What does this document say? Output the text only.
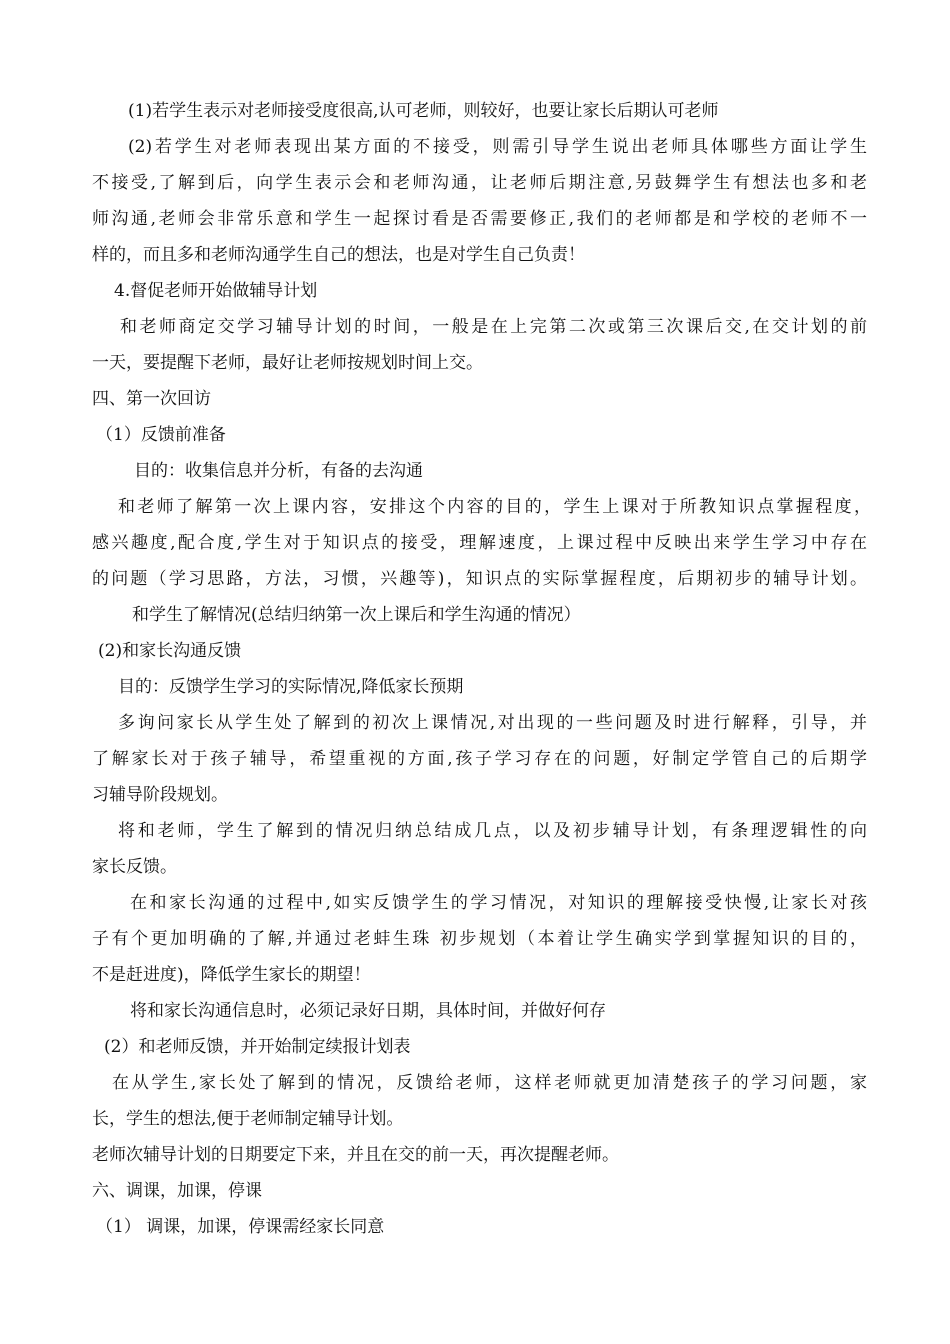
(1)若学生表示对老师接受度很高,认可老师，则较好，也要让家长后期认可老师
(2)若学生对老师表现出某方面的不接受，则需引导学生说出老师具体哪些方面让学生
不接受,了解到后，向学生表示会和老师沟通，让老师后期注意,另鼓舞学生有想法也多和老
师沟通,老师会非常乐意和学生一起探讨看是否需要修正,我们的老师都是和学校的老师不一
样的，而且多和老师沟通学生自己的想法，也是对学生自己负责！
4.督促老师开始做辅导计划
和老师商定交学习辅导计划的时间，一般是在上完第二次或第三次课后交,在交计划的前
一天，要提醒下老师，最好让老师按规划时间上交。
四、第一次回访
（1）反馈前准备
目的：收集信息并分析，有备的去沟通
和老师了解第一次上课内容，安排这个内容的目的，学生上课对于所教知识点掌握程度，
感兴趣度,配合度,学生对于知识点的接受，理解速度，上课过程中反映出来学生学习中存在
的问题（学习思路，方法，习惯，兴趣等)，知识点的实际掌握程度，后期初步的辅导计划。
和学生了解情况(总结归纳第一次上课后和学生沟通的情况）
(2)和家长沟通反馈
目的：反馈学生学习的实际情况,降低家长预期
多询问家长从学生处了解到的初次上课情况,对出现的一些问题及时进行解释，引导，并
了解家长对于孩子辅导，希望重视的方面,孩子学习存在的问题，好制定学管自己的后期学
习辅导阶段规划。
将和老师，学生了解到的情况归纳总结成几点，以及初步辅导计划，有条理逻辑性的向
家长反馈。
在和家长沟通的过程中,如实反馈学生的学习情况，对知识的理解接受快慢,让家长对孩
子有个更加明确的了解,并通过老蚌生珠 初步规划（本着让学生确实学到掌握知识的目的，
不是赶进度)，降低学生家长的期望！
将和家长沟通信息时，必须记录好日期，具体时间，并做好何存
(2）和老师反馈，并开始制定续报计划表
在从学生,家长处了解到的情况，反馈给老师，这样老师就更加清楚孩子的学习问题，家
长，学生的想法,便于老师制定辅导计划。
老师次辅导计划的日期要定下来，并且在交的前一天，再次提醒老师。
六、调课，加课，停课
（1） 调课，加课，停课需经家长同意
